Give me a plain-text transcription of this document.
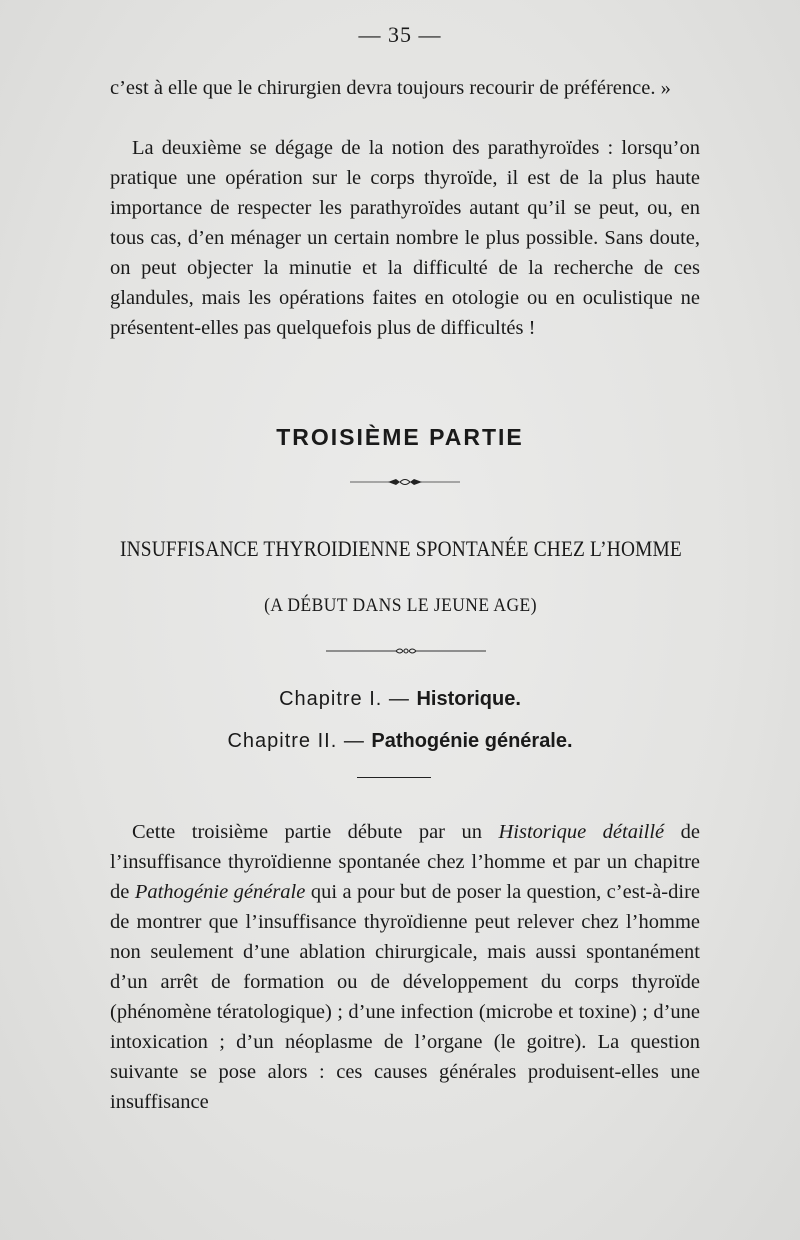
— 35 —

c’est à elle que le chirurgien devra toujours recourir de préférence. »

La deuxième se dégage de la notion des parathyroïdes : lorsqu’on pratique une opération sur le corps thyroïde, il est de la plus haute importance de respecter les parathyroïdes autant qu’il se peut, ou, en tous cas, d’en ménager un certain nombre le plus possible. Sans doute, on peut objecter la minutie et la difficulté de la recherche de ces glandules, mais les opérations faites en otologie ou en oculistique ne présentent-elles pas quelquefois plus de difficultés !

TROISIÈME PARTIE
INSUFFISANCE THYROIDIENNE SPONTANÉE CHEZ L’HOMME
(A DÉBUT DANS LE JEUNE AGE)
Chapitre I. — Historique.
Chapitre II. — Pathogénie générale.

Cette troisième partie débute par un Historique détaillé de l’insuffisance thyroïdienne spontanée chez l’homme et par un chapitre de Pathogénie générale qui a pour but de poser la question, c’est-à-dire de montrer que l’insuffisance thyroïdienne peut relever chez l’homme non seulement d’une ablation chirurgicale, mais aussi spontanément d’un arrêt de formation ou de développement du corps thyroïde (phénomène tératologique) ; d’une infection (microbe et toxine) ; d’une intoxication ; d’un néoplasme de l’organe (le goitre). La question suivante se pose alors : ces causes générales produisent-elles une insuffisance
